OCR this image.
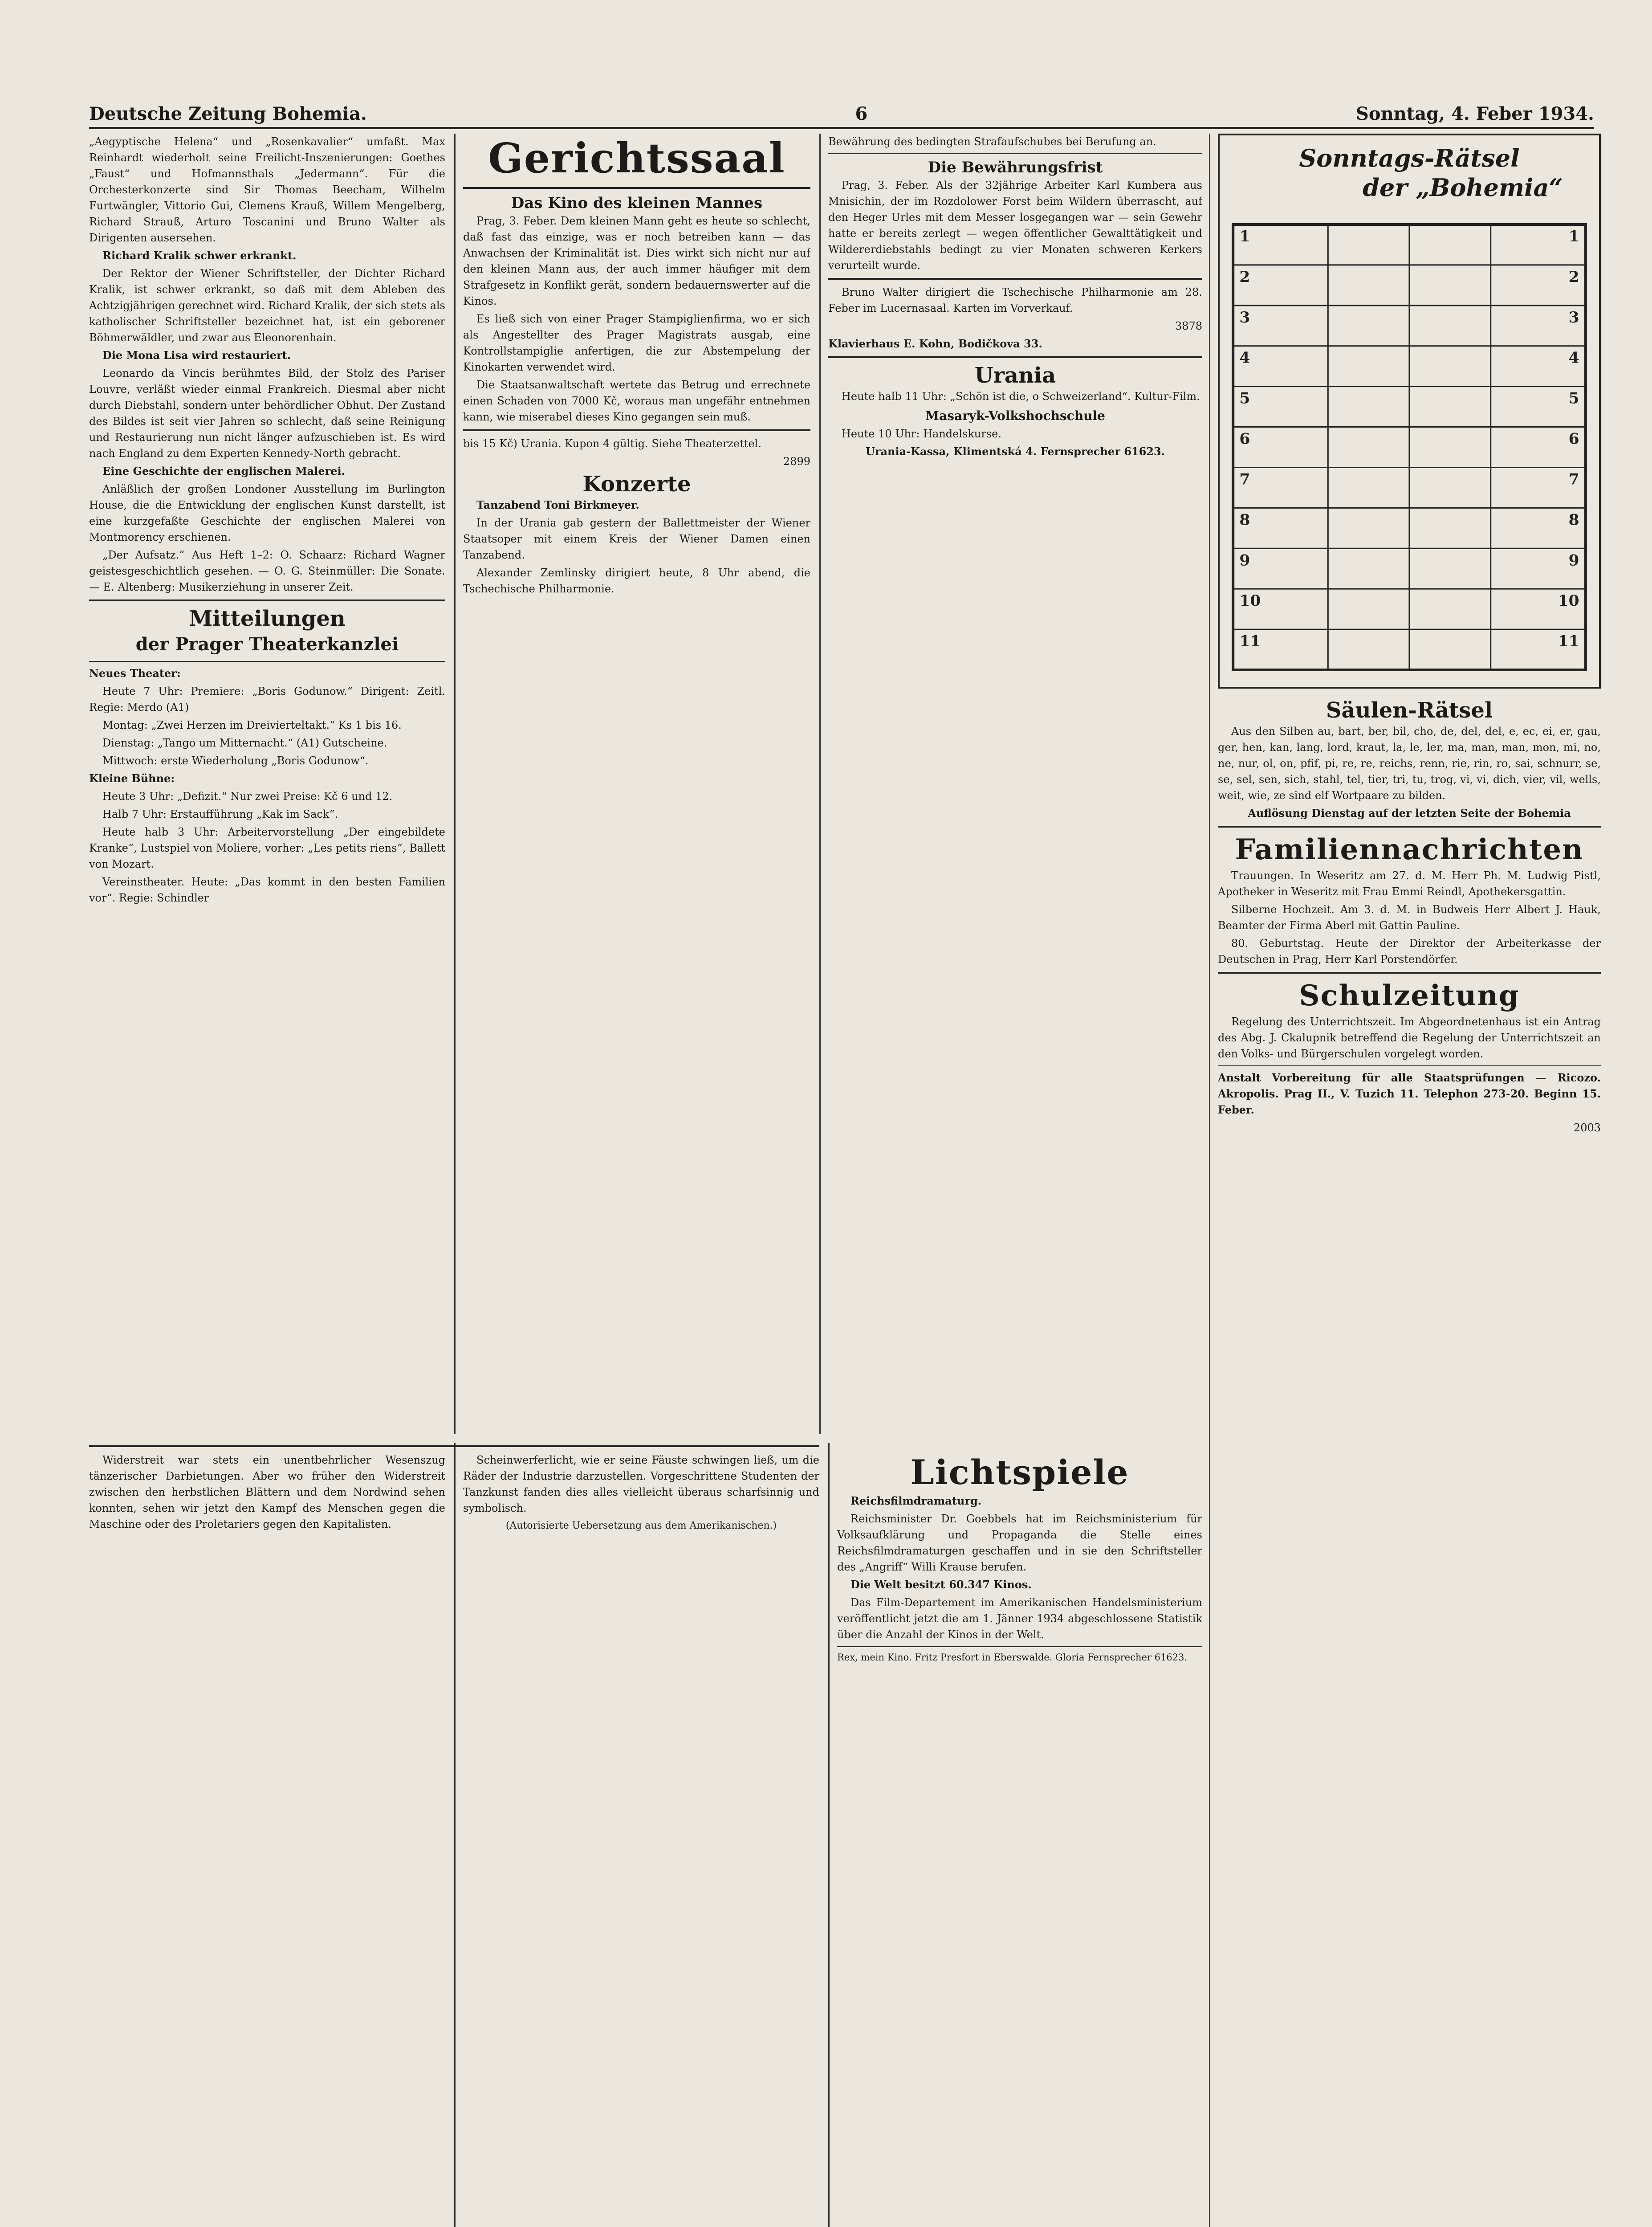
Deutsche Zeitung Bohemia.	6	Sonntag, 4. Feber 1934.

„Aegyptische Helena“ und „Rosenkavalier“ umfaßt. Max Reinhardt wiederholt seine Freilicht-Inszenierungen: Goethes „Faust“ und Hofmannsthals „Jedermann“. Für die Orchesterkonzerte sind Sir Thomas Beecham, Wilhelm Furtwängler, Vittorio Gui, Clemens Krauß, Willem Mengelberg, Richard Strauß, Arturo Toscanini und Bruno Walter als Dirigenten ausersehen.

Richard Kralik schwer erkrankt.

Der Rektor der Wiener Schriftsteller, der Dichter Richard Kralik, ist schwer erkrankt, so daß mit dem Ableben des Achtzigjährigen gerechnet wird. Richard Kralik, der sich stets als katholischer Schriftsteller bezeichnet hat, ist ein geborener Böhmerwäldler, und zwar aus Eleonorenhain.

Die Mona Lisa wird restauriert.

Leonardo da Vincis berühmtes Bild, der Stolz des Pariser Louvre, verläßt wieder einmal Frankreich. Diesmal aber nicht durch Diebstahl, sondern unter behördlicher Obhut. Der Zustand des Bildes ist seit vier Jahren so schlecht, daß seine Reinigung und Restaurierung nun nicht länger aufzuschieben ist. Es wird nach England zu dem Experten Kennedy-North gebracht.

Eine Geschichte der englischen Malerei.

Anläßlich der großen Londoner Ausstellung im Burlington House, die die Entwicklung der englischen Kunst darstellt, ist eine kurzgefaßte Geschichte der englischen Malerei von Montmorency erschienen.

„Der Aufsatz.“ Aus Heft 1–2: O. Schaarz: Richard Wagner geistesgeschichtlich gesehen. — O. G. Steinmüller: Die Sonate. — E. Altenberg: Musikerziehung in unserer Zeit.

Mitteilungen
der Prager Theaterkanzlei

Neues Theater:

Heute 7 Uhr: Premiere: „Boris Godunow.“ Dirigent: Zeitl. Regie: Merdo (A1)

Montag: „Zwei Herzen im Dreivierteltakt.“ Ks 1 bis 16.

Dienstag: „Tango um Mitternacht.“ (A1) Gutscheine.

Mittwoch: erste Wiederholung „Boris Godunow“.

Kleine Bühne:

Heute 3 Uhr: „Defizit.“ Nur zwei Preise: Kč 6 und 12.

Halb 7 Uhr: Erstaufführung „Kak im Sack“.

Heute halb 3 Uhr: Arbeitervorstellung „Der eingebildete Kranke“, Lustspiel von Moliere, vorher: „Les petits riens“, Ballett von Mozart.

Vereinstheater. Heute: „Das kommt in den besten Familien vor“. Regie: Schindler

Gerichtssaal
Das Kino des kleinen Mannes

Prag, 3. Feber. Dem kleinen Mann geht es heute so schlecht, daß fast das einzige, was er noch betreiben kann — das Anwachsen der Kriminalität ist. Dies wirkt sich nicht nur auf den kleinen Mann aus, der auch immer häufiger mit dem Strafgesetz in Konflikt gerät, sondern bedauernswerter auf die Kinos.

Es ließ sich von einer Prager Stampiglienfirma, wo er sich als Angestellter des Prager Magistrats ausgab, eine Kontrollstampiglie anfertigen, die zur Abstempelung der Kinokarten verwendet wird.

Die Staatsanwaltschaft wertete das Betrug und errechnete einen Schaden von 7000 Kč, woraus man ungefähr entnehmen kann, wie miserabel dieses Kino gegangen sein muß.

bis 15 Kč) Urania. Kupon 4 gültig. Siehe Theaterzettel.

2899

Konzerte

Tanzabend Toni Birkmeyer.

In der Urania gab gestern der Ballettmeister der Wiener Staatsoper mit einem Kreis der Wiener Damen einen Tanzabend.

Alexander Zemlinsky dirigiert heute, 8 Uhr abend, die Tschechische Philharmonie.

Bewährung des bedingten Strafaufschubes bei Berufung an.

Die Bewährungsfrist

Prag, 3. Feber. Als der 32jährige Arbeiter Karl Kumbera aus Mnisichin, der im Rozdolower Forst beim Wildern überrascht, auf den Heger Urles mit dem Messer losgegangen war — sein Gewehr hatte er bereits zerlegt — wegen öffentlicher Gewalttätigkeit und Wildererdiebstahls bedingt zu vier Monaten schweren Kerkers verurteilt wurde.

Bruno Walter dirigiert die Tschechische Philharmonie am 28. Feber im Lucernasaal. Karten im Vorverkauf.

3878

Klavierhaus E. Kohn, Bodičkova 33.

Urania

Heute halb 11 Uhr: „Schön ist die, o Schweizerland“. Kultur-Film.

Masaryk-Volkshochschule

Heute 10 Uhr: Handelskurse.

Urania-Kassa, Klimentská 4. Fernsprecher 61623.

Lichtspiele

Reichsfilmdramaturg.

Reichsminister Dr. Goebbels hat im Reichsministerium für Volksaufklärung und Propaganda die Stelle eines Reichsfilmdramaturgen geschaffen und in sie den Schriftsteller des „Angriff“ Willi Krause berufen.

Die Welt besitzt 60.347 Kinos.

Das Film-Departement im Amerikanischen Handelsministerium veröffentlicht jetzt die am 1. Jänner 1934 abgeschlossene Statistik über die Anzahl der Kinos in der Welt.

Rex, mein Kino. Fritz Presfort in Eberswalde. Gloria Fernsprecher 61623.

Sonntags-Rätsel
der „Bohemia“
1	1
2	2
3	3
4	4
5	5
6	6
7	7
8	8
9	9
10	10
11	11
Säulen-Rätsel

Aus den Silben au, bart, ber, bil, cho, de, del, del, e, ec, ei, er, gau, ger, hen, kan, lang, lord, kraut, la, le, ler, ma, man, man, mon, mi, no, ne, nur, ol, on, pfif, pi, re, re, reichs, renn, rie, rin, ro, sai, schnurr, se, se, sel, sen, sich, stahl, tel, tier, tri, tu, trog, vi, vi, dich, vier, vil, wells, weit, wie, ze sind elf Wortpaare zu bilden.

Auflösung Dienstag auf der letzten Seite der Bohemia

Familiennachrichten

Trauungen. In Weseritz am 27. d. M. Herr Ph. M. Ludwig Pistl, Apotheker in Weseritz mit Frau Emmi Reindl, Apothekersgattin.

Silberne Hochzeit. Am 3. d. M. in Budweis Herr Albert J. Hauk, Beamter der Firma Aberl mit Gattin Pauline.

80. Geburtstag. Heute der Direktor der Arbeiterkasse der Deutschen in Prag, Herr Karl Porstendörfer.

Schulzeitung

Regelung des Unterrichtszeit. Im Abgeordnetenhaus ist ein Antrag des Abg. J. Ckalupnik betreffend die Regelung der Unterrichtszeit an den Volks- und Bürgerschulen vorgelegt worden.

Anstalt Vorbereitung für alle Staatsprüfungen — Ricozo. Akropolis. Prag II., V. Tuzich 11. Telephon 273-20. Beginn 15. Feber.

2003

Widerstreit war stets ein unentbehrlicher Wesenszug tänzerischer Darbietungen. Aber wo früher den Widerstreit zwischen den herbstlichen Blättern und dem Nordwind sehen konnten, sehen wir jetzt den Kampf des Menschen gegen die Maschine oder des Proletariers gegen den Kapitalisten.

Scheinwerferlicht, wie er seine Fäuste schwingen ließ, um die Räder der Industrie darzustellen. Vorgeschrittene Studenten der Tanzkunst fanden dies alles vielleicht überaus scharfsinnig und symbolisch.

(Autorisierte Uebersetzung aus dem Amerikanischen.)
